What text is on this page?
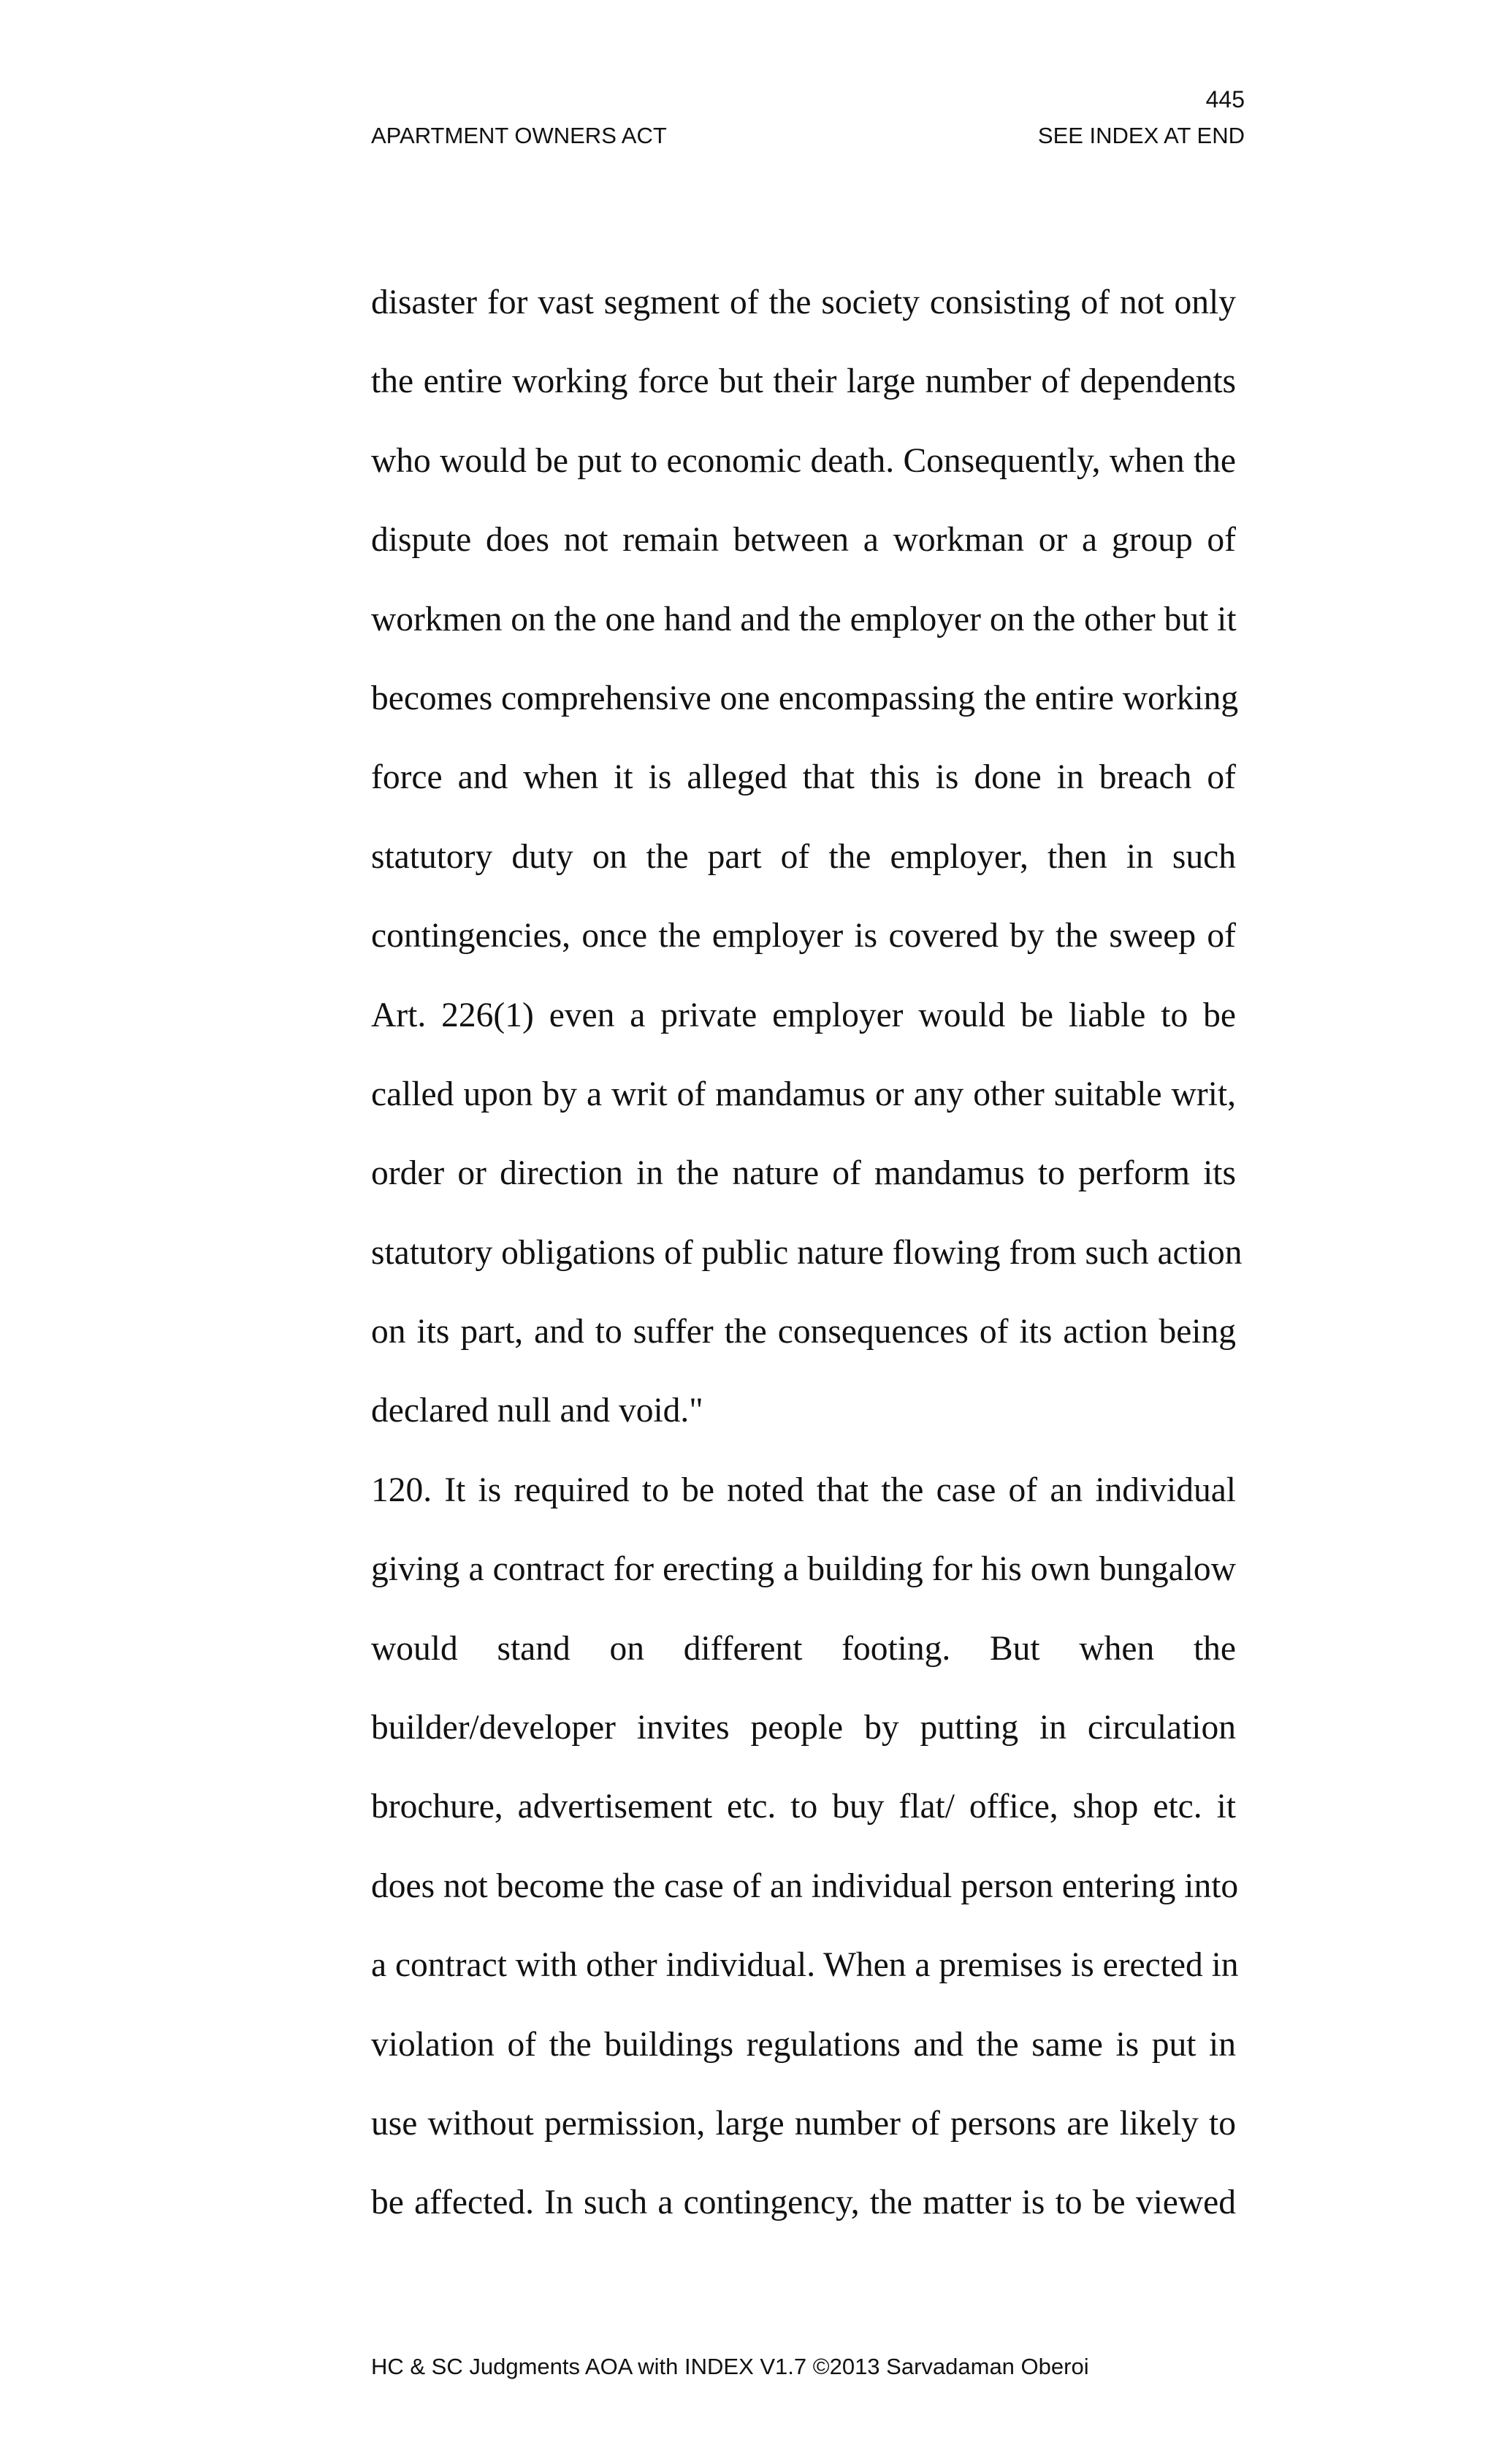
445
APARTMENT OWNERS ACT	SEE INDEX AT END
disaster for vast segment of the society consisting of not only
the entire working force but their large number of dependents
who would be put to economic death. Consequently, when the
dispute does not remain between a workman or a group of
workmen on the one hand and the employer on the other but it
becomes comprehensive one encompassing the entire working
force and when it is alleged that this is done in breach of
statutory duty on the part of the employer, then in such
contingencies, once the employer is covered by the sweep of
Art. 226(1) even a private employer would be liable to be
called upon by a writ of mandamus or any other suitable writ,
order or direction in the nature of mandamus to perform its
statutory obligations of public nature flowing from such action
on its part, and to suffer the consequences of its action being
declared null and void."
120. It is required to be noted that the case of an individual
giving a contract for erecting a building for his own bungalow
would stand on different footing. But when the
builder/developer invites people by putting in circulation
brochure, advertisement etc. to buy flat/ office, shop etc. it
does not become the case of an individual person entering into
a contract with other individual. When a premises is erected in
violation of the buildings regulations and the same is put in
use without permission, large number of persons are likely to
be affected. In such a contingency, the matter is to be viewed
HC & SC Judgments AOA with INDEX V1.7 ©2013 Sarvadaman Oberoi
